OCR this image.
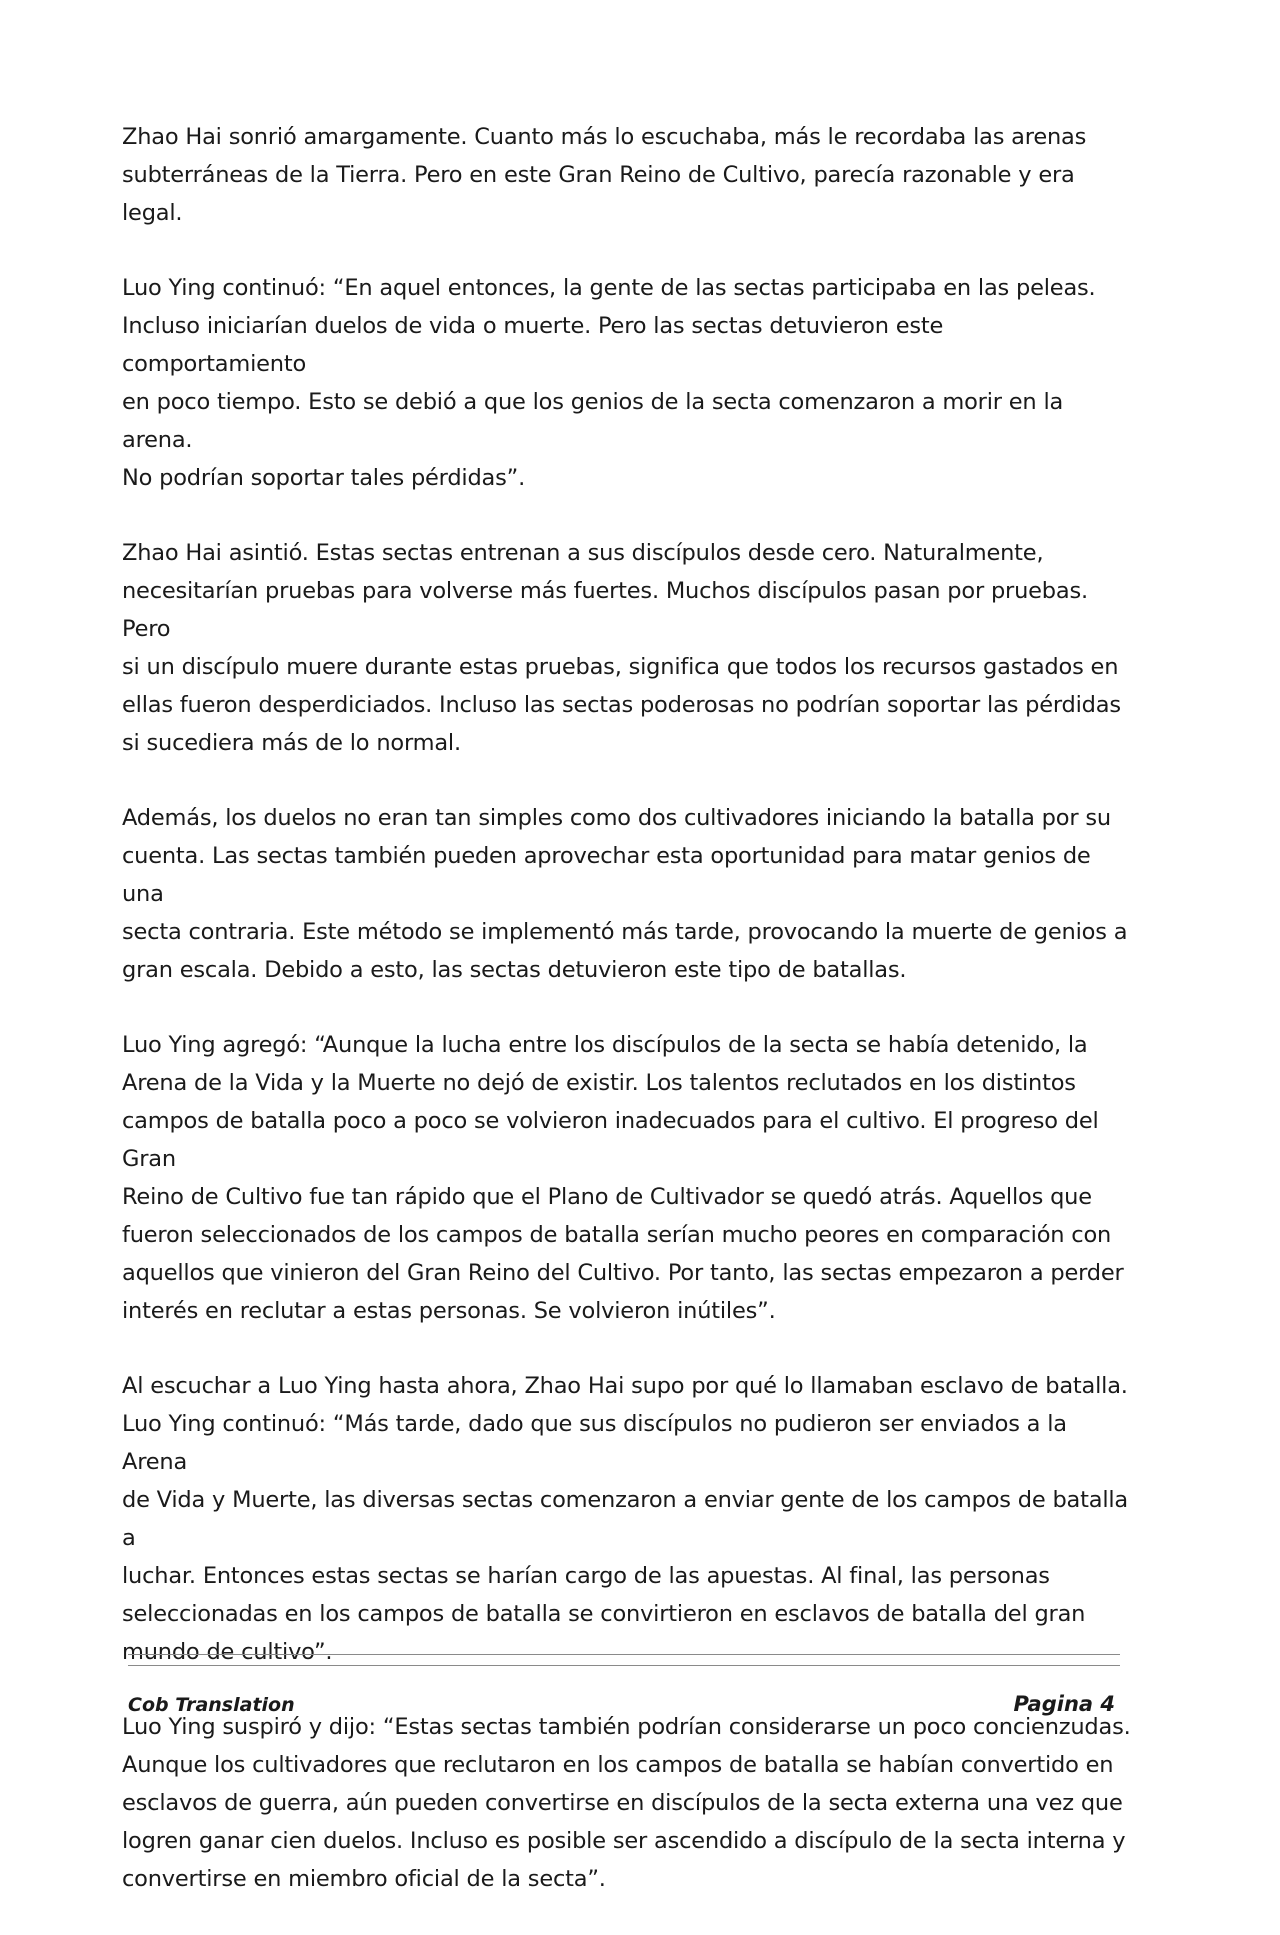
Zhao Hai sonrió amargamente. Cuanto más lo escuchaba, más le recordaba las arenas
subterráneas de la Tierra. Pero en este Gran Reino de Cultivo, parecía razonable y era
legal.

Luo Ying continuó: “En aquel entonces, la gente de las sectas participaba en las peleas.
Incluso iniciarían duelos de vida o muerte. Pero las sectas detuvieron este comportamiento
en poco tiempo. Esto se debió a que los genios de la secta comenzaron a morir en la arena.
No podrían soportar tales pérdidas”.

Zhao Hai asintió. Estas sectas entrenan a sus discípulos desde cero. Naturalmente,
necesitarían pruebas para volverse más fuertes. Muchos discípulos pasan por pruebas. Pero
si un discípulo muere durante estas pruebas, significa que todos los recursos gastados en
ellas fueron desperdiciados. Incluso las sectas poderosas no podrían soportar las pérdidas
si sucediera más de lo normal.

Además, los duelos no eran tan simples como dos cultivadores iniciando la batalla por su
cuenta. Las sectas también pueden aprovechar esta oportunidad para matar genios de una
secta contraria. Este método se implementó más tarde, provocando la muerte de genios a
gran escala. Debido a esto, las sectas detuvieron este tipo de batallas.

Luo Ying agregó: “Aunque la lucha entre los discípulos de la secta se había detenido, la
Arena de la Vida y la Muerte no dejó de existir. Los talentos reclutados en los distintos
campos de batalla poco a poco se volvieron inadecuados para el cultivo. El progreso del Gran
Reino de Cultivo fue tan rápido que el Plano de Cultivador se quedó atrás. Aquellos que
fueron seleccionados de los campos de batalla serían mucho peores en comparación con
aquellos que vinieron del Gran Reino del Cultivo. Por tanto, las sectas empezaron a perder
interés en reclutar a estas personas. Se volvieron inútiles”.

Al escuchar a Luo Ying hasta ahora, Zhao Hai supo por qué lo llamaban esclavo de batalla.
Luo Ying continuó: “Más tarde, dado que sus discípulos no pudieron ser enviados a la Arena
de Vida y Muerte, las diversas sectas comenzaron a enviar gente de los campos de batalla a
luchar. Entonces estas sectas se harían cargo de las apuestas. Al final, las personas
seleccionadas en los campos de batalla se convirtieron en esclavos de batalla del gran
mundo de cultivo”.

Luo Ying suspiró y dijo: “Estas sectas también podrían considerarse un poco concienzudas.
Aunque los cultivadores que reclutaron en los campos de batalla se habían convertido en
esclavos de guerra, aún pueden convertirse en discípulos de la secta externa una vez que
logren ganar cien duelos. Incluso es posible ser ascendido a discípulo de la secta interna y
convertirse en miembro oficial de la secta”.

Cob Translation	Pagina 4
